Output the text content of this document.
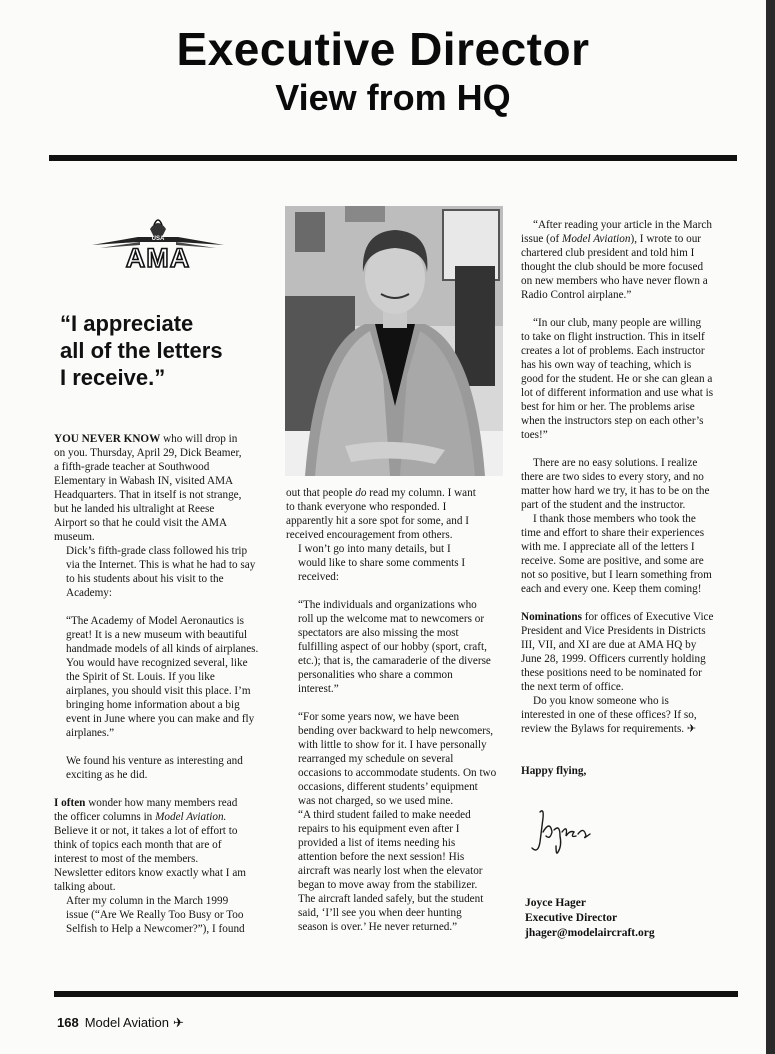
Executive Director
View from HQ
USA
AMA
“I appreciate
all of the letters
I receive.”

YOU NEVER KNOW who will drop in
on you. Thursday, April 29, Dick Beamer,
a fifth-grade teacher at Southwood
Elementary in Wabash IN, visited AMA
Headquarters. That in itself is not strange,
but he landed his ultralight at Reese
Airport so that he could visit the AMA
museum.

Dick’s fifth-grade class followed his trip
via the Internet. This is what he had to say
to his students about his visit to the
Academy:

“The Academy of Model Aeronautics is
great! It is a new museum with beautiful
handmade models of all kinds of airplanes.
You would have recognized several, like
the Spirit of St. Louis. If you like
airplanes, you should visit this place. I’m
bringing home information about a big
event in June where you can make and fly
airplanes.”

We found his venture as interesting and
exciting as he did.

I often wonder how many members read
the officer columns in Model Aviation.
Believe it or not, it takes a lot of effort to
think of topics each month that are of
interest to most of the members.
Newsletter editors know exactly what I am
talking about.

After my column in the March 1999
issue (“Are We Really Too Busy or Too
Selfish to Help a Newcomer?”), I found

out that people do read my column. I want
to thank everyone who responded. I
apparently hit a sore spot for some, and I
received encouragement from others.

I won’t go into many details, but I
would like to share some comments I
received:

“The individuals and organizations who
roll up the welcome mat to newcomers or
spectators are also missing the most
fulfilling aspect of our hobby (sport, craft,
etc.); that is, the camaraderie of the diverse
personalities who share a common
interest.”

“For some years now, we have been
bending over backward to help newcomers,
with little to show for it. I have personally
rearranged my schedule on several
occasions to accommodate students. On two
occasions, different students’ equipment
was not charged, so we used mine.

“A third student failed to make needed
repairs to his equipment even after I
provided a list of items needing his
attention before the next session! His
aircraft was nearly lost when the elevator
began to move away from the stabilizer.
The aircraft landed safely, but the student
said, ‘I’ll see you when deer hunting
season is over.’ He never returned.”

“After reading your article in the March
issue (of Model Aviation), I wrote to our
chartered club president and told him I
thought the club should be more focused
on new members who have never flown a
Radio Control airplane.”

“In our club, many people are willing
to take on flight instruction. This in itself
creates a lot of problems. Each instructor
has his own way of teaching, which is
good for the student. He or she can glean a
lot of different information and use what is
best for him or her. The problems arise
when the instructors step on each other’s
toes!”

There are no easy solutions. I realize
there are two sides to every story, and no
matter how hard we try, it has to be on the
part of the student and the instructor.

I thank those members who took the
time and effort to share their experiences
with me. I appreciate all of the letters I
receive. Some are positive, and some are
not so positive, but I learn something from
each and every one. Keep them coming!

Nominations for offices of Executive Vice
President and Vice Presidents in Districts
III, VII, and XI are due at AMA HQ by
June 28, 1999. Officers currently holding
these positions need to be nominated for
the next term of office.

Do you know someone who is
interested in one of these offices? If so,
review the Bylaws for requirements. ✈

Happy flying,

Joyce Hager
Executive Director
jhager@modelaircraft.org
168 Model Aviation ✈
